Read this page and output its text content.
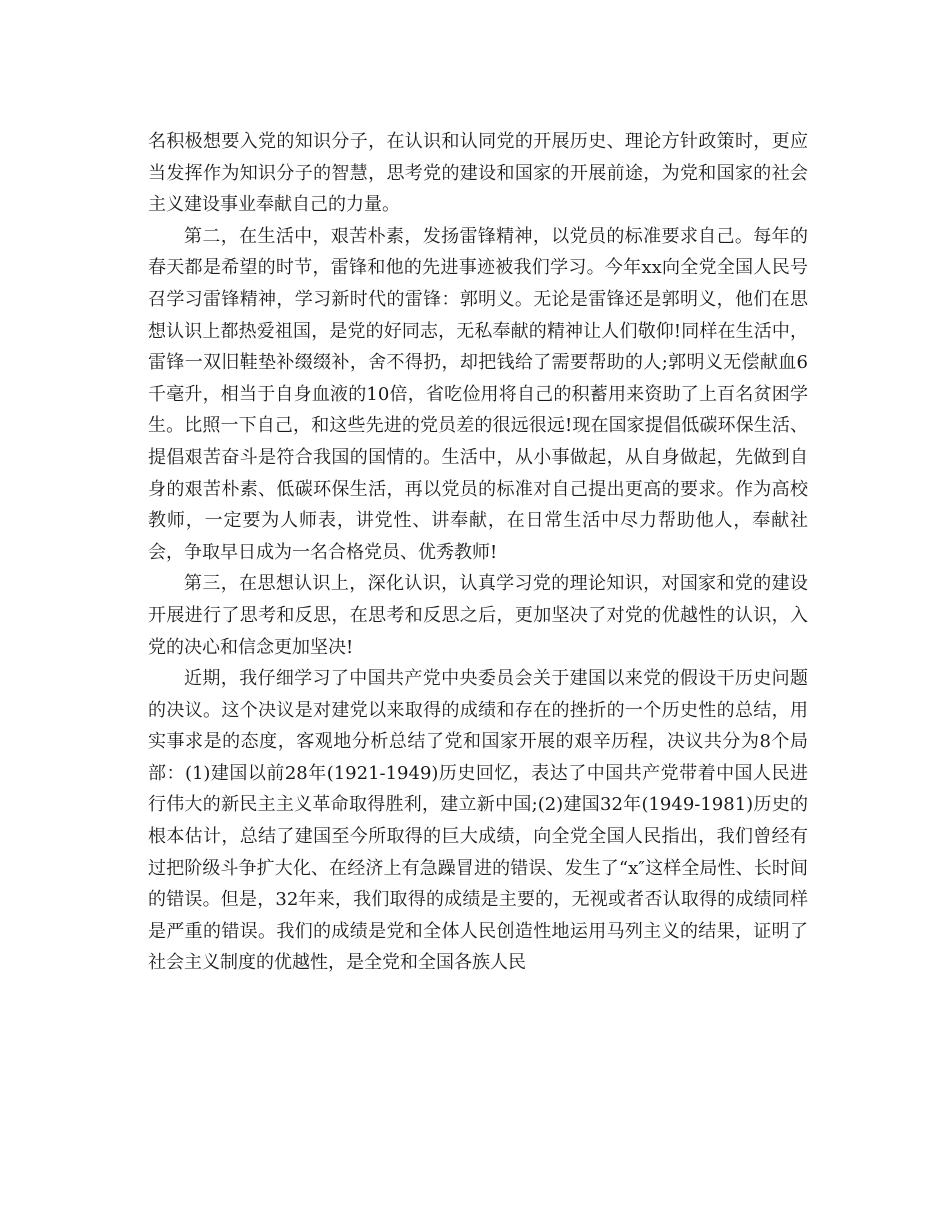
名积极想要入党的知识分子，在认识和认同党的开展历史、理论方针政策时，更应当发挥作为知识分子的智慧，思考党的建设和国家的开展前途，为党和国家的社会主义建设事业奉献自己的力量。

第二，在生活中，艰苦朴素，发扬雷锋精神，以党员的标准要求自己。每年的春天都是希望的时节，雷锋和他的先进事迹被我们学习。今年xx向全党全国人民号召学习雷锋精神，学习新时代的雷锋：郭明义。无论是雷锋还是郭明义，他们在思想认识上都热爱祖国，是党的好同志，无私奉献的精神让人们敬仰!同样在生活中，雷锋一双旧鞋垫补缀缀补，舍不得扔，却把钱给了需要帮助的人;郭明义无偿献血6千毫升，相当于自身血液的10倍，省吃俭用将自己的积蓄用来资助了上百名贫困学生。比照一下自己，和这些先进的党员差的很远很远!现在国家提倡低碳环保生活、提倡艰苦奋斗是符合我国的国情的。生活中，从小事做起，从自身做起，先做到自身的艰苦朴素、低碳环保生活，再以党员的标准对自己提出更高的要求。作为高校教师，一定要为人师表，讲党性、讲奉献，在日常生活中尽力帮助他人，奉献社会，争取早日成为一名合格党员、优秀教师!

第三，在思想认识上，深化认识，认真学习党的理论知识，对国家和党的建设开展进行了思考和反思，在思考和反思之后，更加坚决了对党的优越性的认识，入党的决心和信念更加坚决!

近期，我仔细学习了中国共产党中央委员会关于建国以来党的假设干历史问题的决议。这个决议是对建党以来取得的成绩和存在的挫折的一个历史性的总结，用实事求是的态度，客观地分析总结了党和国家开展的艰辛历程，决议共分为8个局部：(1)建国以前28年(1921-1949)历史回忆，表达了中国共产党带着中国人民进行伟大的新民主主义革命取得胜利，建立新中国;(2)建国32年(1949-1981)历史的根本估计，总结了建国至今所取得的巨大成绩，向全党全国人民指出，我们曾经有过把阶级斗争扩大化、在经济上有急躁冒进的错误、发生了“x″这样全局性、长时间的错误。但是，32年来，我们取得的成绩是主要的，无视或者否认取得的成绩同样是严重的错误。我们的成绩是党和全体人民创造性地运用马列主义的结果，证明了社会主义制度的优越性，是全党和全国各族人民
